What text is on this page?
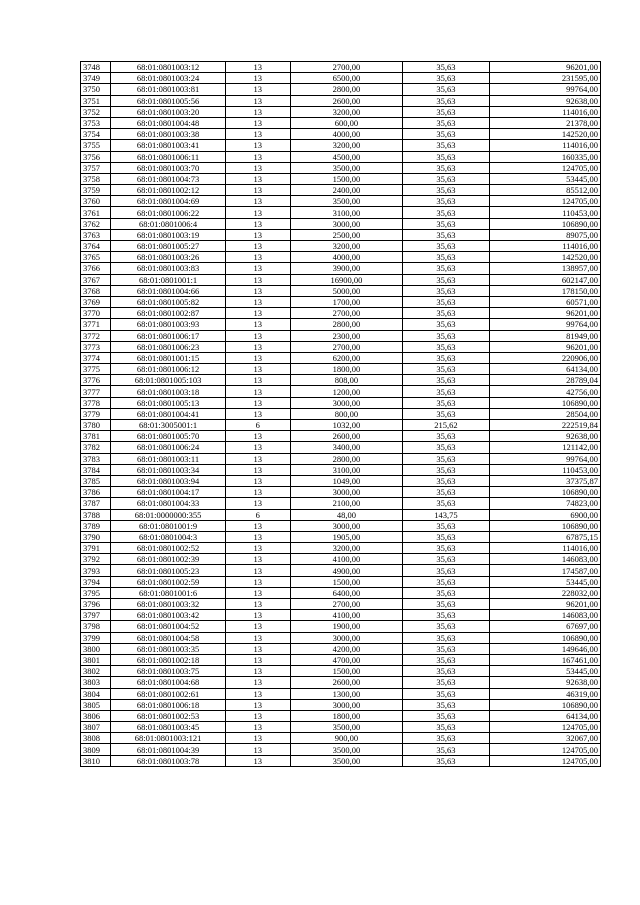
3748	68:01:0801003:12	13	2700,00	35,63	96201,00
3749	68:01:0801003:24	13	6500,00	35,63	231595,00
3750	68:01:0801003:81	13	2800,00	35,63	99764,00
3751	68:01:0801005:56	13	2600,00	35,63	92638,00
3752	68:01:0801003:20	13	3200,00	35,63	114016,00
3753	68:01:0801004:48	13	600,00	35,63	21378,00
3754	68:01:0801003:38	13	4000,00	35,63	142520,00
3755	68:01:0801003:41	13	3200,00	35,63	114016,00
3756	68:01:0801006:11	13	4500,00	35,63	160335,00
3757	68:01:0801003:70	13	3500,00	35,63	124705,00
3758	68:01:0801004:73	13	1500,00	35,63	53445,00
3759	68:01:0801002:12	13	2400,00	35,63	85512,00
3760	68:01:0801004:69	13	3500,00	35,63	124705,00
3761	68:01:0801006:22	13	3100,00	35,63	110453,00
3762	68:01:0801006:4	13	3000,00	35,63	106890,00
3763	68:01:0801003:19	13	2500,00	35,63	89075,00
3764	68:01:0801005:27	13	3200,00	35,63	114016,00
3765	68:01:0801003:26	13	4000,00	35,63	142520,00
3766	68:01:0801003:83	13	3900,00	35,63	138957,00
3767	68:01:0801001:1	13	16900,00	35,63	602147,00
3768	68:01:0801004:66	13	5000,00	35,63	178150,00
3769	68:01:0801005:82	13	1700,00	35,63	60571,00
3770	68:01:0801002:87	13	2700,00	35,63	96201,00
3771	68:01:0801003:93	13	2800,00	35,63	99764,00
3772	68:01:0801006:17	13	2300,00	35,63	81949,00
3773	68:01:0801006:23	13	2700,00	35,63	96201,00
3774	68:01:0801001:15	13	6200,00	35,63	220906,00
3775	68:01:0801006:12	13	1800,00	35,63	64134,00
3776	68:01:0801005:103	13	808,00	35,63	28789,04
3777	68:01:0801003:18	13	1200,00	35,63	42756,00
3778	68:01:0801005:13	13	3000,00	35,63	106890,00
3779	68:01:0801004:41	13	800,00	35,63	28504,00
3780	68:01:3005001:1	6	1032,00	215,62	222519,84
3781	68:01:0801005:70	13	2600,00	35,63	92638,00
3782	68:01:0801006:24	13	3400,00	35,63	121142,00
3783	68:01:0801003:11	13	2800,00	35,63	99764,00
3784	68:01:0801003:34	13	3100,00	35,63	110453,00
3785	68:01:0801003:94	13	1049,00	35,63	37375,87
3786	68:01:0801004:17	13	3000,00	35,63	106890,00
3787	68:01:0801004:33	13	2100,00	35,63	74823,00
3788	68:01:0000000:355	6	48,00	143,75	6900,00
3789	68:01:0801001:9	13	3000,00	35,63	106890,00
3790	68:01:0801004:3	13	1905,00	35,63	67875,15
3791	68:01:0801002:52	13	3200,00	35,63	114016,00
3792	68:01:0801002:39	13	4100,00	35,63	146083,00
3793	68:01:0801005:23	13	4900,00	35,63	174587,00
3794	68:01:0801002:59	13	1500,00	35,63	53445,00
3795	68:01:0801001:6	13	6400,00	35,63	228032,00
3796	68:01:0801003:32	13	2700,00	35,63	96201,00
3797	68:01:0801003:42	13	4100,00	35,63	146083,00
3798	68:01:0801004:52	13	1900,00	35,63	67697,00
3799	68:01:0801004:58	13	3000,00	35,63	106890,00
3800	68:01:0801003:35	13	4200,00	35,63	149646,00
3801	68:01:0801002:18	13	4700,00	35,63	167461,00
3802	68:01:0801003:75	13	1500,00	35,63	53445,00
3803	68:01:0801004:68	13	2600,00	35,63	92638,00
3804	68:01:0801002:61	13	1300,00	35,63	46319,00
3805	68:01:0801006:18	13	3000,00	35,63	106890,00
3806	68:01:0801002:53	13	1800,00	35,63	64134,00
3807	68:01:0801003:45	13	3500,00	35,63	124705,00
3808	68:01:0801003:121	13	900,00	35,63	32067,00
3809	68:01:0801004:39	13	3500,00	35,63	124705,00
3810	68:01:0801003:78	13	3500,00	35,63	124705,00
